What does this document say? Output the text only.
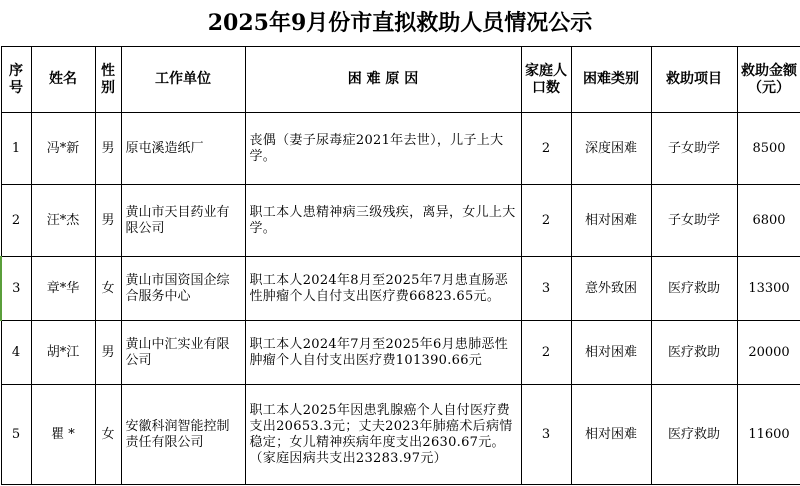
2025年9月份市直拟救助人员情况公示
序号	姓名	性别	工作单位	困 难 原 因	家庭人口数	困难类别	救助项目	救助金额（元）
1	冯*新	男	原屯溪造纸厂	丧偶（妻子尿毒症2021年去世），儿子上大学。	2	深度困难	子女助学	8500
2	汪*杰	男	黄山市天目药业有限公司	职工本人患精神病三级残疾，离异，女儿上大学。	2	相对困难	子女助学	6800
3	章*华	女	黄山市国资国企综合服务中心	职工本人2024年8月至2025年7月患直肠恶性肿瘤个人自付支出医疗费66823.65元。	3	意外致困	医疗救助	13300
4	胡*江	男	黄山中汇实业有限公司	职工本人2024年7月至2025年6月患肺恶性肿瘤个人自付支出医疗费101390.66元	2	相对困难	医疗救助	20000
5	瞿 *	女	安徽科润智能控制责任有限公司	职工本人2025年因患乳腺癌个人自付医疗费支出20653.3元；丈夫2023年肺癌术后病情稳定；女儿精神疾病年度支出2630.67元。（家庭因病共支出23283.97元）	3	相对困难	医疗救助	11600
